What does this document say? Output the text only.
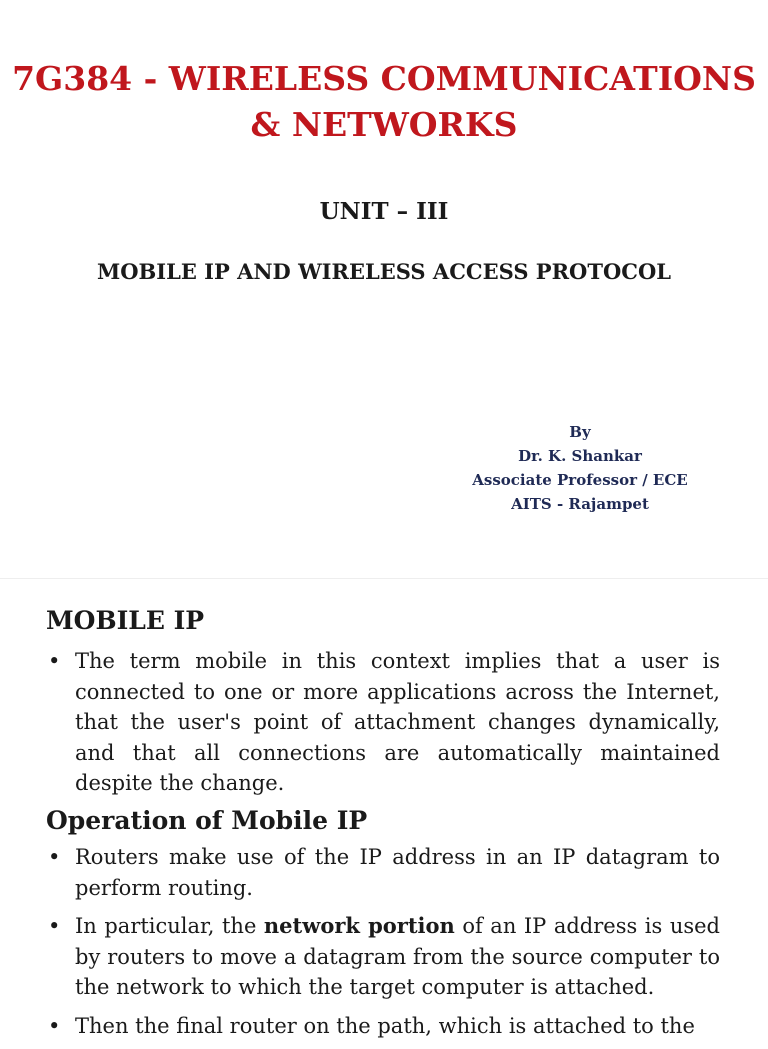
7G384 - WIRELESS COMMUNICATIONS
& NETWORKS

UNIT – III

MOBILE IP AND WIRELESS ACCESS PROTOCOL

By
Dr. K. Shankar
Associate Professor / ECE
AITS - Rajampet
MOBILE IP
• The term mobile in this context implies that a user is connected to one or more applications across the Internet, that the user's point of attachment changes dynamically, and that all connections are automatically maintained despite the change.
Operation of Mobile IP
• Routers make use of the IP address in an IP datagram to perform routing.
• In particular, the network portion of an IP address is used by routers to move a datagram from the source computer to the network to which the target computer is attached.
• Then the final router on the path, which is attached to the
